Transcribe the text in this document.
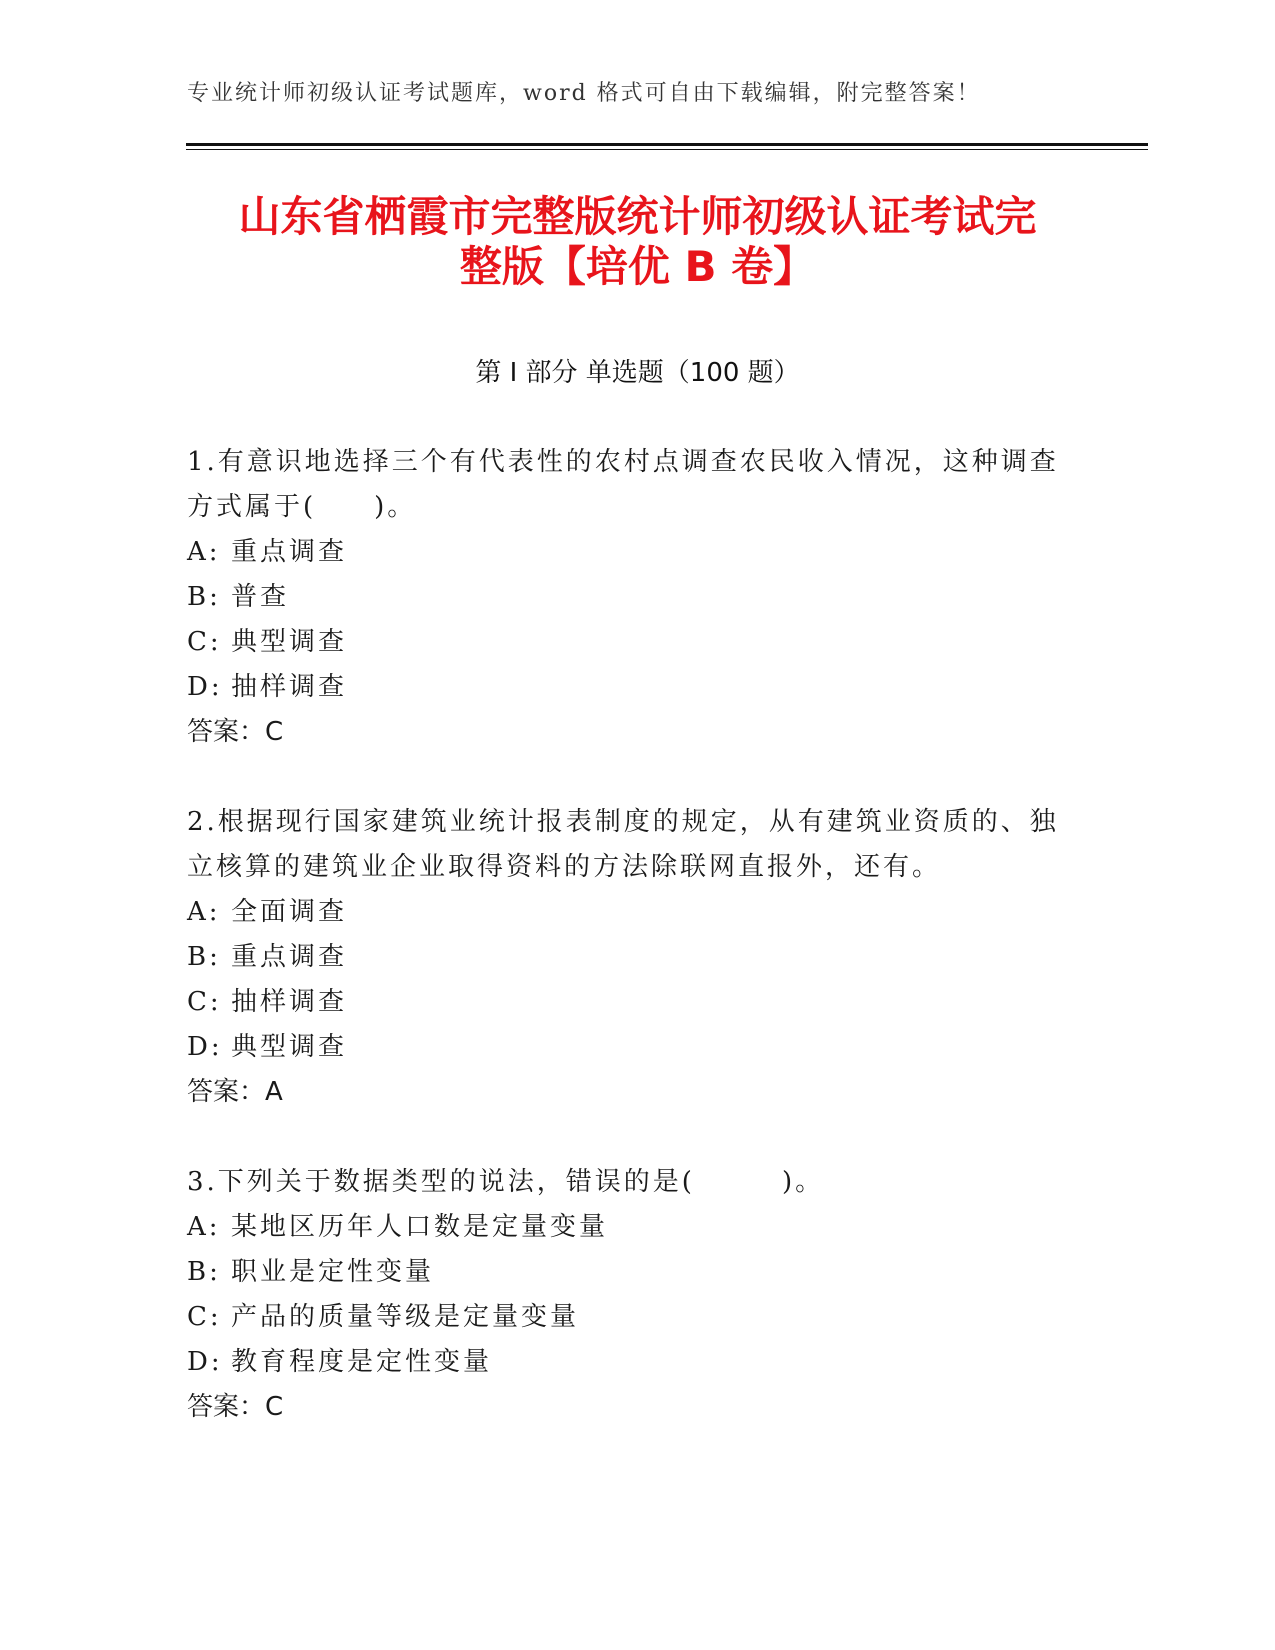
专业统计师初级认证考试题库，word 格式可自由下载编辑，附完整答案！
山东省栖霞市完整版统计师初级认证考试完
整版【培优 B 卷】
第 I 部分 单选题（100 题）

1.有意识地选择三个有代表性的农村点调查农民收入情况，这种调查

方式属于(　　)。

A: 重点调查

B: 普查

C: 典型调查

D: 抽样调查

答案：C

2.根据现行国家建筑业统计报表制度的规定，从有建筑业资质的、独

立核算的建筑业企业取得资料的方法除联网直报外，还有。

A: 全面调查

B: 重点调查

C: 抽样调查

D: 典型调查

答案：A

3.下列关于数据类型的说法，错误的是(　　　)。

A: 某地区历年人口数是定量变量

B: 职业是定性变量

C: 产品的质量等级是定量变量

D: 教育程度是定性变量

答案：C
